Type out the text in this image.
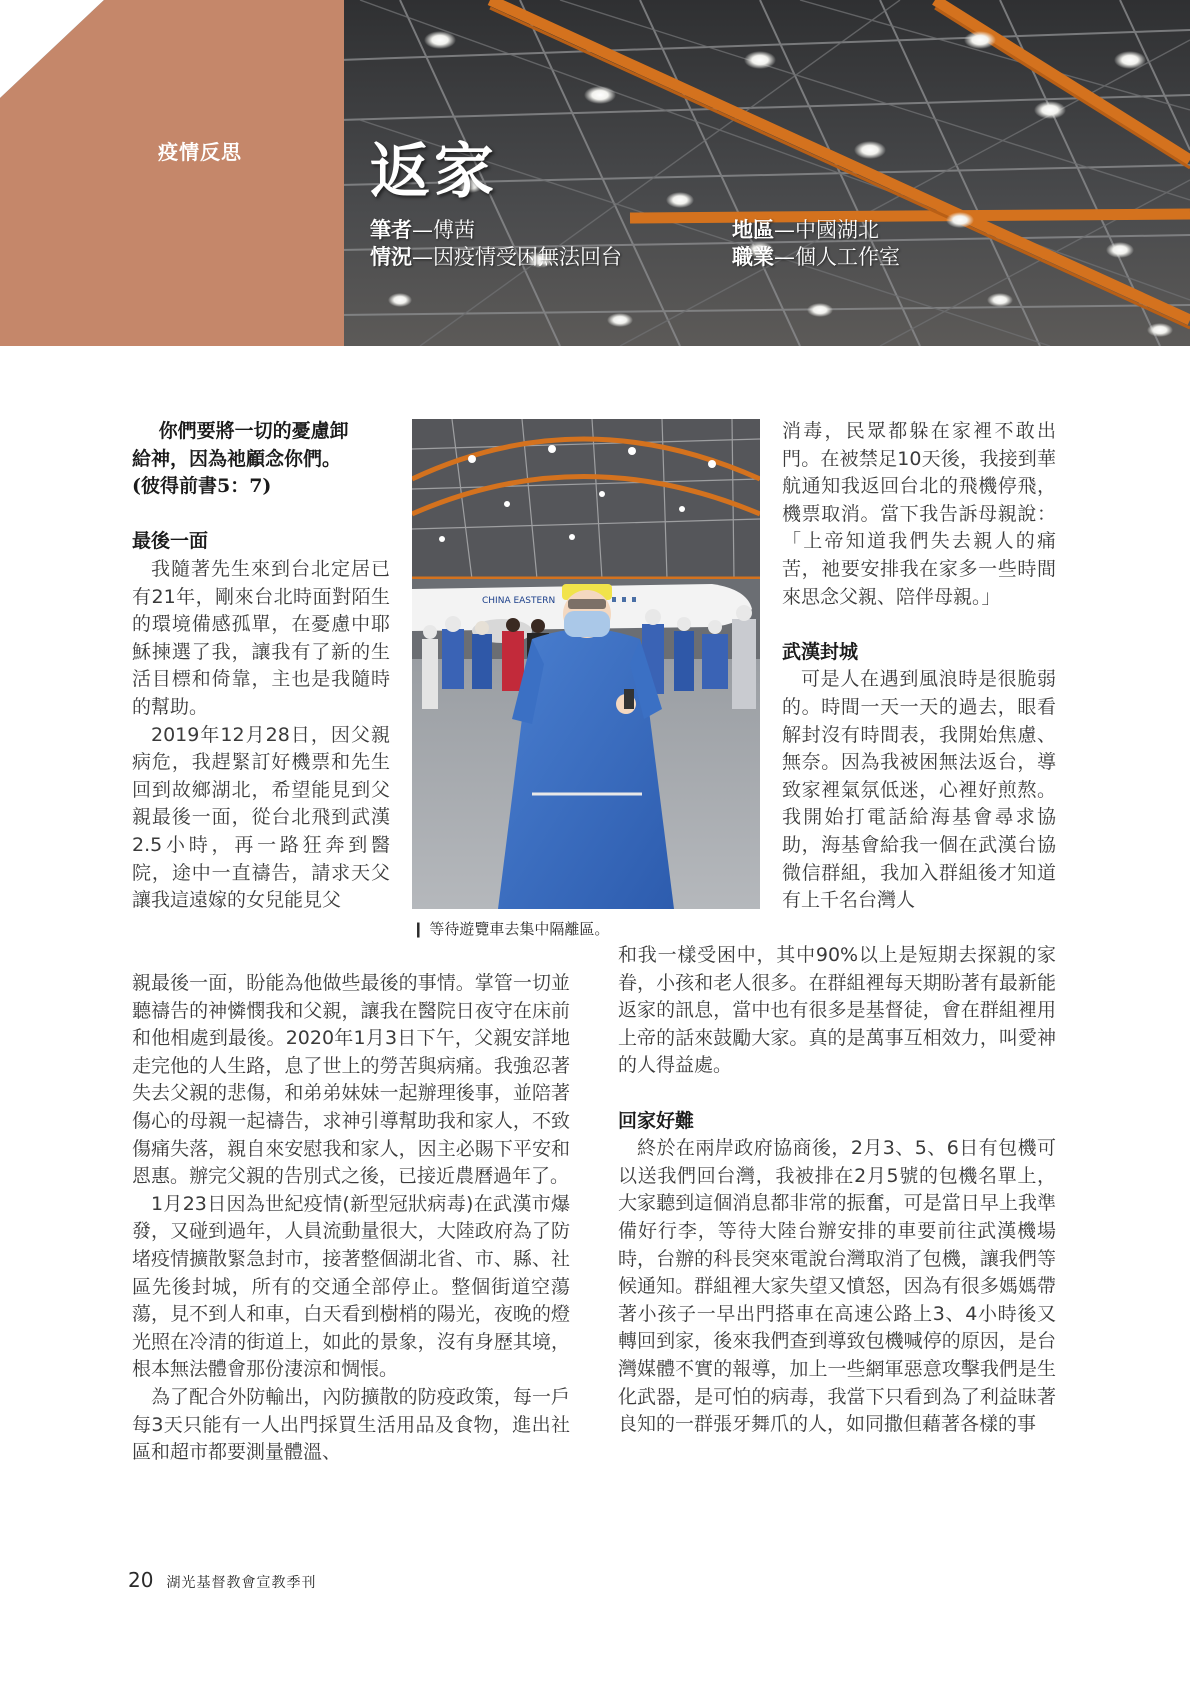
疫情反思 返家
筆者—傅茜
情況—因疫情受困無法回台
地區—中國湖北
職業—個人工作室

你們要將一切的憂慮卸

給神，因為祂顧念你們。

(彼得前書5：7)

最後一面

我隨著先生來到台北定居已有21年，剛來台北時面對陌生的環境備感孤單，在憂慮中耶穌揀選了我，讓我有了新的生活目標和倚靠，主也是我隨時的幫助。

2019年12月28日，因父親病危，我趕緊訂好機票和先生回到故鄉湖北，希望能見到父親最後一面，從台北飛到武漢 2.5小時，再一路狂奔到醫院，途中一直禱告，請求天父讓我這遠嫁的女兒能見父

CHINA EASTERN
❙ 等待遊覽車去集中隔離區。

親最後一面，盼能為他做些最後的事情。掌管一切並聽禱告的神憐憫我和父親，讓我在醫院日夜守在床前和他相處到最後。2020年1月3日下午，父親安詳地走完他的人生路，息了世上的勞苦與病痛。我強忍著失去父親的悲傷，和弟弟妹妹一起辦理後事，並陪著傷心的母親一起禱告，求神引導幫助我和家人，不致傷痛失落，親自來安慰我和家人，因主必賜下平安和恩惠。辦完父親的告別式之後，已接近農曆過年了。

1月23日因為世紀疫情(新型冠狀病毒)在武漢市爆發，又碰到過年，人員流動量很大，大陸政府為了防堵疫情擴散緊急封市，接著整個湖北省、市、縣、社區先後封城，所有的交通全部停止。整個街道空蕩蕩，見不到人和車，白天看到樹梢的陽光，夜晚的燈光照在冷清的街道上，如此的景象，沒有身歷其境，根本無法體會那份淒涼和惆悵。

為了配合外防輸出，內防擴散的防疫政策，每一戶每3天只能有一人出門採買生活用品及食物，進出社區和超市都要測量體溫、

消毒，民眾都躲在家裡不敢出門。在被禁足10天後，我接到華航通知我返回台北的飛機停飛，機票取消。當下我告訴母親說：「上帝知道我們失去親人的痛苦，祂要安排我在家多一些時間來思念父親、陪伴母親。」

武漢封城

可是人在遇到風浪時是很脆弱的。時間一天一天的過去，眼看解封沒有時間表，我開始焦慮、無奈。因為我被困無法返台，導致家裡氣氛低迷，心裡好煎熬。我開始打電話給海基會尋求協助，海基會給我一個在武漢台協微信群組，我加入群組後才知道有上千名台灣人

和我一樣受困中，其中90%以上是短期去探親的家眷，小孩和老人很多。在群組裡每天期盼著有最新能返家的訊息，當中也有很多是基督徒，會在群組裡用上帝的話來鼓勵大家。真的是萬事互相效力，叫愛神的人得益處。

回家好難

終於在兩岸政府協商後，2月3、5、6日有包機可以送我們回台灣，我被排在2月5號的包機名單上，大家聽到這個消息都非常的振奮，可是當日早上我準備好行李，等待大陸台辦安排的車要前往武漢機場時，台辦的科長突來電說台灣取消了包機，讓我們等候通知。群組裡大家失望又憤怒，因為有很多媽媽帶著小孩子一早出門搭車在高速公路上3、4小時後又轉回到家，後來我們查到導致包機喊停的原因，是台灣媒體不實的報導，加上一些網軍惡意攻擊我們是生化武器，是可怕的病毒，我當下只看到為了利益昧著良知的一群張牙舞爪的人，如同撒但藉著各樣的事

20 湖光基督教會宣教季刊
